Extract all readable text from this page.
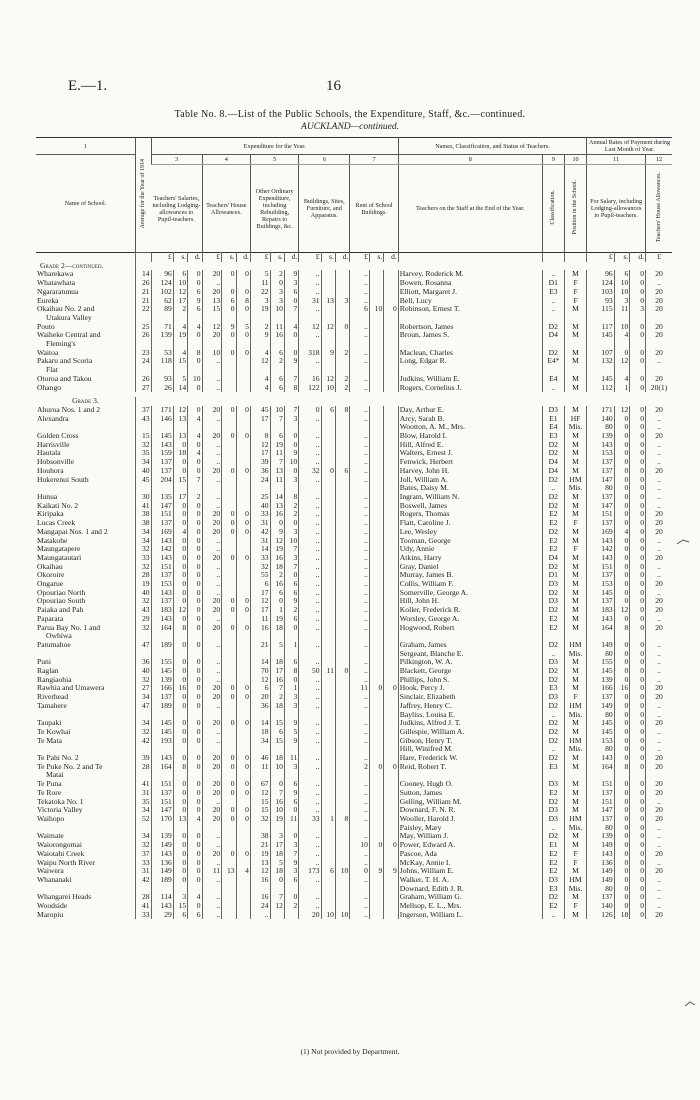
E.—1.	16
Table No. 8.—List of the Public Schools, the Expenditure, Staff, &c.—continued.
AUCKLAND—continued.
1	Average for the Year of 1914	Expenditure for the Year.															Names, Classification, and Status of Teachers.			Annual Rates of Payment during Last Month of Year.			
Name of School.		3			4			5			6			7			8	9	10	11			12
		Teachers' Salaries, including Lodging-allowances to Pupil-teachers.			Teachers' House Allowances.			Other Ordinary Expenditure, including Rebuilding, Repairs to Buildings, &c.			Buildings, Sites, Furniture, and Apparatus.			Rent of School Buildings.			Teachers on the Staff at the End of the Year.	Classification.	Position in the School.	For Salary, including Lodging-allowances to Pupil-teachers.			Teachers' House Allowances.
		£	s.	d.	£	s.	d.	£	s.	d.	£	s.	d.	£	s.	d.				£	s.	d.	£
Grade 2—continued.																							
Wharekawa	14	96	6	0	20	0	0	5	2	9	..			..			Harvey, Roderick M.	..	M	96	6	0	20
Whatawhata	26	124	10	0	..			11	0	3	..			..			Bowen, Rosanna	D1	F	124	10	0	..
Ngararatunua	21	102	12	6	20	0	0	22	3	6	..			..			Elliott, Margaret J.	E3	F	103	10	0	20
Eureka	21	62	17	9	13	6	8	3	3	0	31	13	3	..			Bell, Lucy	..	F	93	3	0	20
Okaihau No. 2 and	22	89	2	6	15	0	0	19	10	7	..			6	10	0	Robinson, Ernest T.	..	M	115	11	3	20
Utakura Valley																							
Pouto	25	71	4	4	12	9	5	2	11	4	12	12	0	..			Robertson, James	D2	M	117	10	0	20
Waiheke Central and	26	139	19	0	20	0	0	9	16	0	..			..			Broun, James S.	D4	M	145	4	0	20
Fleming's																							
Waitoa	23	53	4	8	10	0	0	4	6	0	318	9	2	..			Maclean, Charles	D2	M	107	0	0	20
Pakaru and Scoria	24	118	15	0	..			12	2	9	..			..			Long, Edgar R.	E4*	M	132	12	0	..
Flat																							
Otoroa and Takou	26	93	5	10	..			4	6	7	16	12	2	..			Judkins, William E.	E4	M	145	4	0	20
Ohango	27	26	14	0	..			4	6	8	122	10	2	..			Rogers, Cornelius J.	..	M	112	1	0	20(1)

Grade 3.																							
Ahuroa Nos. 1 and 2	37	171	12	0	20	0	0	45	10	7	0	6	8	..			Day, Arthur E.	D3	M	171	12	0	20
Alexandra	43	146	13	4	..			17	7	3	..			..			Arcy, Sarah B.	E1	HF	140	0	0	..
																	Wootton, A. M., Mrs.	E4	Mis.	80	0	0	..
Golden Cross	15	145	13	4	20	0	0	8	6	0	..			..			Blow, Harold I.	E3	M	139	0	0	20
Harrisville	32	143	0	0	..			12	19	0	..			..			Hill, Alfred E.	D2	M	143	0	0	..
Hautala	35	159	18	4	..			17	11	9	..			..			Walters, Ernest J.	D2	M	153	0	0	..
Hobsonville	34	137	0	0	..			39	7	10	..			..			Fenwick, Herbert	D4	M	137	0	0	..
Houhora	40	137	0	0	20	0	0	36	13	0	32	0	6	..			Harvey, John H.	D4	M	137	0	0	20
Hukerenui South	45	204	15	7	..			24	11	3	..			..			Joll, William A.	D2	HM	147	0	0	..
																	Bates, Daisy M.	..	Mis.	80	0	0	..
Hunua	30	135	17	2	..			25	14	8	..			..			Ingram, William N.	D2	M	137	0	0	..
Kaikati No. 2	41	147	0	0	..			40	13	2	..			..			Boswell, James	D2	M	147	0	0	..
Kiripaka	38	151	0	0	20	0	0	33	16	2	..			..			Rogers, Thomas	E2	M	151	0	0	20
Lucas Creek	38	137	0	0	20	0	0	31	0	0	..			..			Flatt, Caroline J.	E2	F	137	0	0	20
Mangapai Nos. 1 and 2	34	169	4	0	20	0	0	42	9	3	..			..			Lee, Wesley	D2	M	169	4	0	20
Matakohe	34	143	0	0	..			31	12	10	..			..			Tooman, George	E2	M	143	0	0	..
Maungatapere	32	142	0	0	..			14	19	7	..			..			Udy, Annie	E2	F	142	0	0	..
Maungatautari	33	143	0	0	20	0	0	33	16	3	..			..			Atkins, Harry	D4	M	143	0	0	20
Okaihau	32	151	0	0	..			32	18	7	..			..			Gray, Daniel	D2	M	151	0	0	..
Okoroire	28	137	0	0	..			55	2	0	..			..			Murray, James B.	D1	M	137	0	0	..
Ongaruе	19	153	0	0	..			6	16	6	..			..			Collis, William F.	D3	M	153	0	0	20
Opouriao North	40	143	0	0	..			17	6	6	..			..			Somerville, George A.	D2	M	145	0	0	..
Opouriao South	32	137	0	0	20	0	0	12	0	9	..			..			Hill, John H.	D3	M	137	0	0	20
Paiaka and Pah	43	183	12	0	20	0	0	17	1	2	..			..			Koller, Frederick R.	D2	M	183	12	0	20
Paparata	29	143	0	0	..			11	19	6	..			..			Worsley, George A.	E2	M	143	0	0	..
Parua Bay No. 1 and	32	164	8	0	20	0	0	16	18	0	..			..			Hogwood, Robert	E2	M	164	8	0	20
Owhiwa																							
Patumahoe	47	189	0	0	..			21	5	1	..			..			Graham, James	D2	HM	149	0	0	..
																	Sergeant, Blanche E.	..	Mis.	80	0	0	..
Puni	36	155	0	0	..			14	18	6	..			..			Pilkington, W. A.	D3	M	155	0	0	..
Raglan	40	145	0	0	..			70	17	8	50	11	0	..			Blackett, George	D2	M	145	0	0	..
Rangiaohia	32	139	0	0	..			12	16	0	..			..			Phillips, John S.	D2	M	139	0	0	..
Rawhia and Umawera	27	166	16	0	20	0	0	6	7	1	..			11	0	0	Hook, Percy J.	E3	M	166	16	0	20
Riverhead	34	137	0	0	20	0	0	20	2	3	..			..			Sinclair, Elizabeth	D3	F	137	0	0	20
Tamahere	47	189	0	0	..			36	18	3	..			..			Jaffrey, Henry C.	D2	HM	149	0	0	..
																	Bayliss, Louisa E.	..	Mis.	80	0	0	..
Taupaki	34	145	0	0	20	0	0	14	15	9	..			..			Judkins, Alfred J. T.	D2	M	145	0	0	20
Te Kowhai	32	145	0	0	..			18	6	5	..			..			Gillespie, William A.	D2	M	145	0	0	..
Te Mata	42	193	0	0	..			34	15	9	..			..			Gibson, Henry T.	D2	HM	153	0	0	..
																	Hill, Winifred M.	..	Mis.	80	0	0	..
Te Pahi No. 2	39	143	0	0	20	0	0	46	18	11	..			..			Hare, Frederick W.	D2	M	143	0	0	20
Te Puke No. 2 and Te	28	164	8	0	20	0	0	11	10	3	..			2	0	0	Reid, Robert T.	E3	M	164	8	0	20
Matai																							
Te Puna	41	151	0	0	20	0	0	67	0	6	..			..			Cooney, Hugh O.	D3	M	151	0	0	20
Te Rore	31	137	0	0	20	0	0	12	7	9	..			..			Sutton, James	E2	M	137	0	0	20
Tekatoka No. 1	35	151	0	0	..			15	16	6	..			..			Gelling, William M.	D2	M	151	0	0	..
Victoria Valley	34	147	0	0	20	0	0	15	10	0	..			..			Downard, F. N. R.	D3	M	147	0	0	20
Waihopo	52	170	13	4	20	0	0	32	19	11	33	1	8	..			Wooller, Harold J.	D3	HM	137	0	0	20
																	Paisley, Mary	..	Mis.	80	0	0	..
Waimate	34	139	0	0	..			38	3	0	..			..			May, William J.	D2	M	139	0	0	..
Waiorongomai	32	149	0	0	..			21	17	3	..			10	0	0	Power, Edward A.	E1	M	149	0	0	..
Waiotahi Creek	37	143	0	0	20	0	0	19	18	7	..			..			Pascoe, Ada	E2	F	143	0	0	20
Waipu North River	33	136	0	0	..			13	5	9	..			..			McKay, Annie I.	E2	F	136	0	0	..
Waiwera	31	149	0	0	11	13	4	12	18	3	173	6	10	0	9	9	Johns, William E.	E2	M	149	0	0	20
Whananaki	42	189	0	0	..			16	0	6	..			..			Walker, T. H. A.	D3	HM	149	0	0	..
																	Downard, Edith J. R.	E3	Mis.	80	0	0	..
Whangarei Heads	28	114	3	4	..			16	7	0	..			..			Graham, William G.	D2	M	137	0	0	..
Woodside	41	143	15	0	..			24	12	2	..			..			Mellsop, E. L., Mrs.	E2	F	140	0	0	..
Maropiu	33	29	6	6	..			..			20	10	10	..			Ingerson, William L.	..	M	126	18	0	20
(1) Not provided by Department.
